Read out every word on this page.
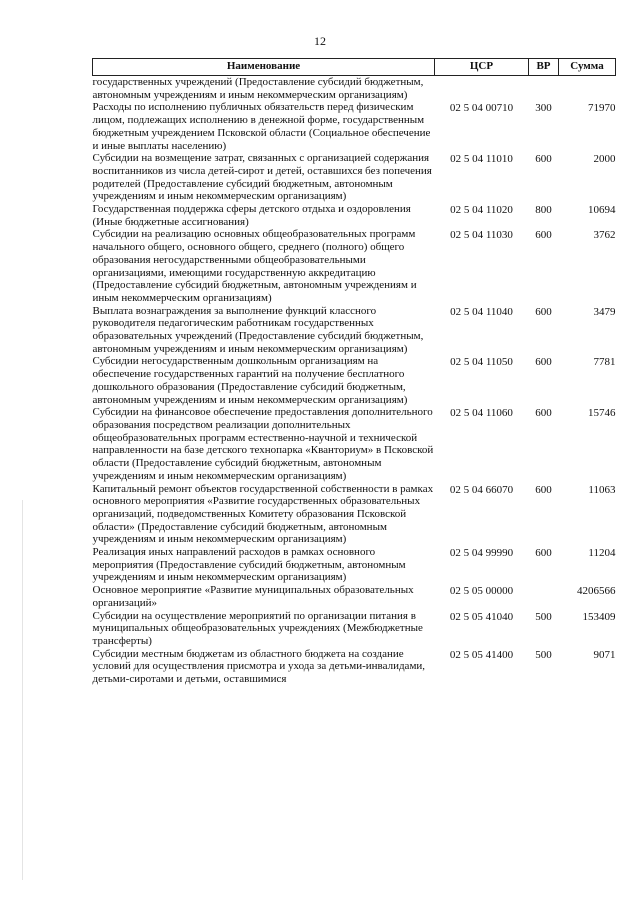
12
Наименование	ЦСР	ВР	Сумма
государственных учреждений (Предоставление субсидий бюджетным, автономным учреждениям и иным некоммерческим организациям)			
Расходы по исполнению публичных обязательств перед физическим лицом, подлежащих исполнению в денежной форме, государственным бюджетным учреждением Псковской области (Социальное обеспечение и иные выплаты населению)	02 5 04 00710	300	71970
Субсидии на возмещение затрат, связанных с организацией содержания воспитанников из числа детей-сирот и детей, оставшихся без попечения родителей (Предоставление субсидий бюджетным, автономным учреждениям и иным некоммерческим организациям)	02 5 04 11010	600	2000
Государственная поддержка сферы детского отдыха и оздоровления (Иные бюджетные ассигнования)	02 5 04 11020	800	10694
Субсидии на реализацию основных общеобразовательных программ начального общего, основного общего, среднего (полного) общего образования негосударственными общеобразовательными организациями, имеющими государственную аккредитацию (Предоставление субсидий бюджетным, автономным учреждениям и иным некоммерческим организациям)	02 5 04 11030	600	3762
Выплата вознаграждения за выполнение функций классного руководителя педагогическим работникам государственных образовательных учреждений (Предоставление субсидий бюджетным, автономным учреждениям и иным некоммерческим организациям)	02 5 04 11040	600	3479
Субсидии негосударственным дошкольным организациям на обеспечение государственных гарантий на получение бесплатного дошкольного образования (Предоставление субсидий бюджетным, автономным учреждениям и иным некоммерческим организациям)	02 5 04 11050	600	7781
Субсидии на финансовое обеспечение предоставления дополнительного образования посредством реализации дополнительных общеобразовательных программ естественно-научной и технической направленности на базе детского технопарка «Кванториум» в Псковской области (Предоставление субсидий бюджетным, автономным учреждениям и иным некоммерческим организациям)	02 5 04 11060	600	15746
Капитальный ремонт объектов государственной собственности в рамках основного мероприятия «Развитие государственных образовательных организаций, подведомственных Комитету образования Псковской области» (Предоставление субсидий бюджетным, автономным учреждениям и иным некоммерческим организациям)	02 5 04 66070	600	11063
Реализация иных направлений расходов в рамках основного мероприятия (Предоставление субсидий бюджетным, автономным учреждениям и иным некоммерческим организациям)	02 5 04 99990	600	11204
Основное мероприятие «Развитие муниципальных образовательных организаций»	02 5 05 00000		4206566
Субсидии на осуществление мероприятий по организации питания в муниципальных общеобразовательных учреждениях (Межбюджетные трансферты)	02 5 05 41040	500	153409
Субсидии местным бюджетам из областного бюджета на создание условий для осуществления присмотра и ухода за детьми-инвалидами, детьми-сиротами и детьми, оставшимися	02 5 05 41400	500	9071
